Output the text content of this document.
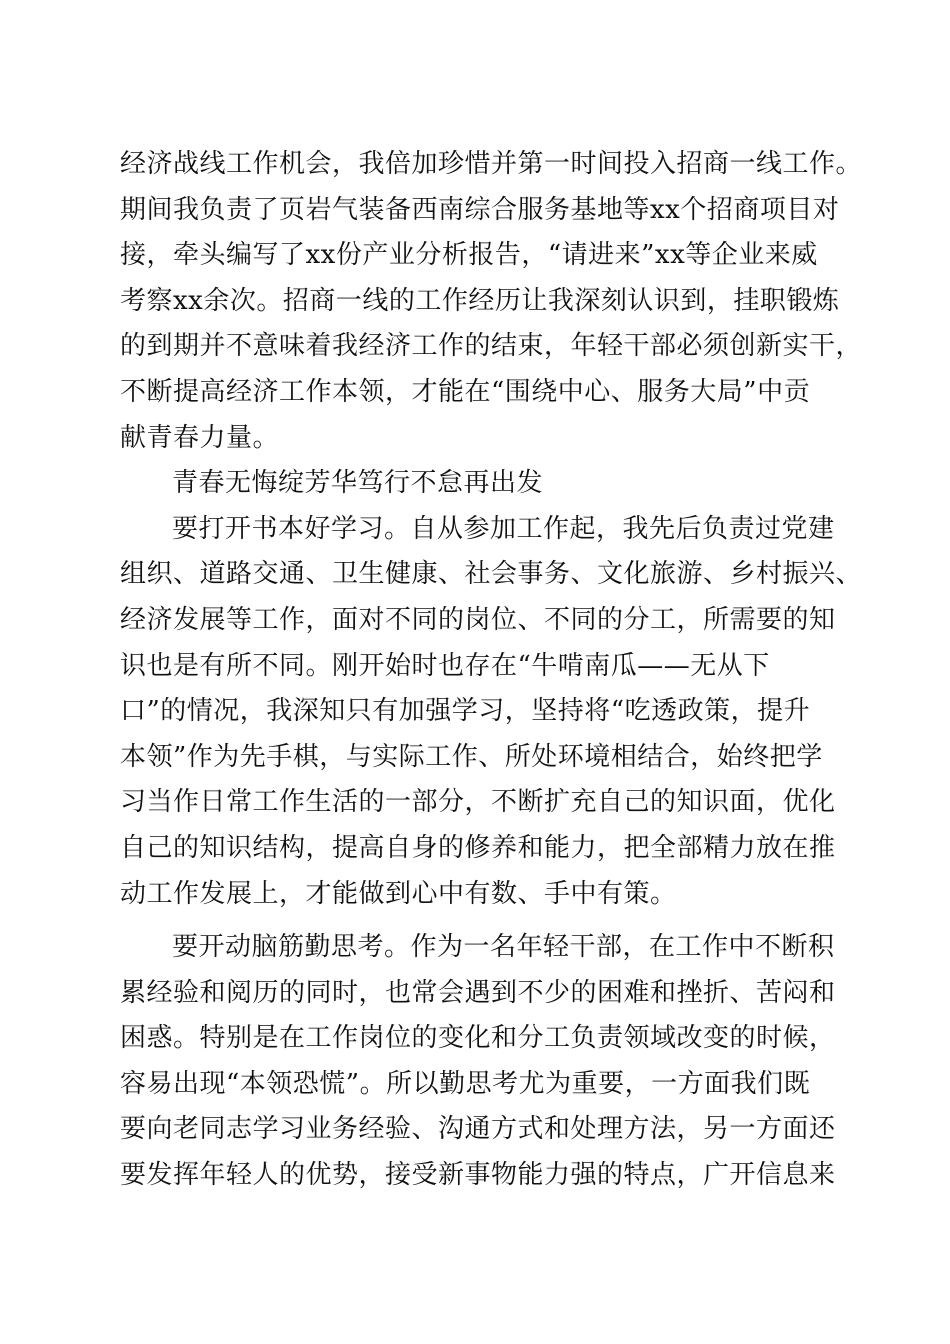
经济战线工作机会，我倍加珍惜并第一时间投入招商一线工作。
期间我负责了页岩气装备西南综合服务基地等xx个招商项目对
接，牵头编写了xx份产业分析报告，“请进来”xx等企业来威
考察xx余次。招商一线的工作经历让我深刻认识到，挂职锻炼
的到期并不意味着我经济工作的结束，年轻干部必须创新实干，
不断提高经济工作本领，才能在“围绕中心、服务大局”中贡
献青春力量。
青春无悔绽芳华笃行不怠再出发
要打开书本好学习。自从参加工作起，我先后负责过党建
组织、道路交通、卫生健康、社会事务、文化旅游、乡村振兴、
经济发展等工作，面对不同的岗位、不同的分工，所需要的知
识也是有所不同。刚开始时也存在“牛啃南瓜——无从下
口”的情况，我深知只有加强学习，坚持将“吃透政策，提升
本领”作为先手棋，与实际工作、所处环境相结合，始终把学
习当作日常工作生活的一部分，不断扩充自己的知识面，优化
自己的知识结构，提高自身的修养和能力，把全部精力放在推
动工作发展上，才能做到心中有数、手中有策。
要开动脑筋勤思考。作为一名年轻干部，在工作中不断积
累经验和阅历的同时，也常会遇到不少的困难和挫折、苦闷和
困惑。特别是在工作岗位的变化和分工负责领域改变的时候，
容易出现“本领恐慌”。所以勤思考尤为重要，一方面我们既
要向老同志学习业务经验、沟通方式和处理方法，另一方面还
要发挥年轻人的优势，接受新事物能力强的特点，广开信息来
